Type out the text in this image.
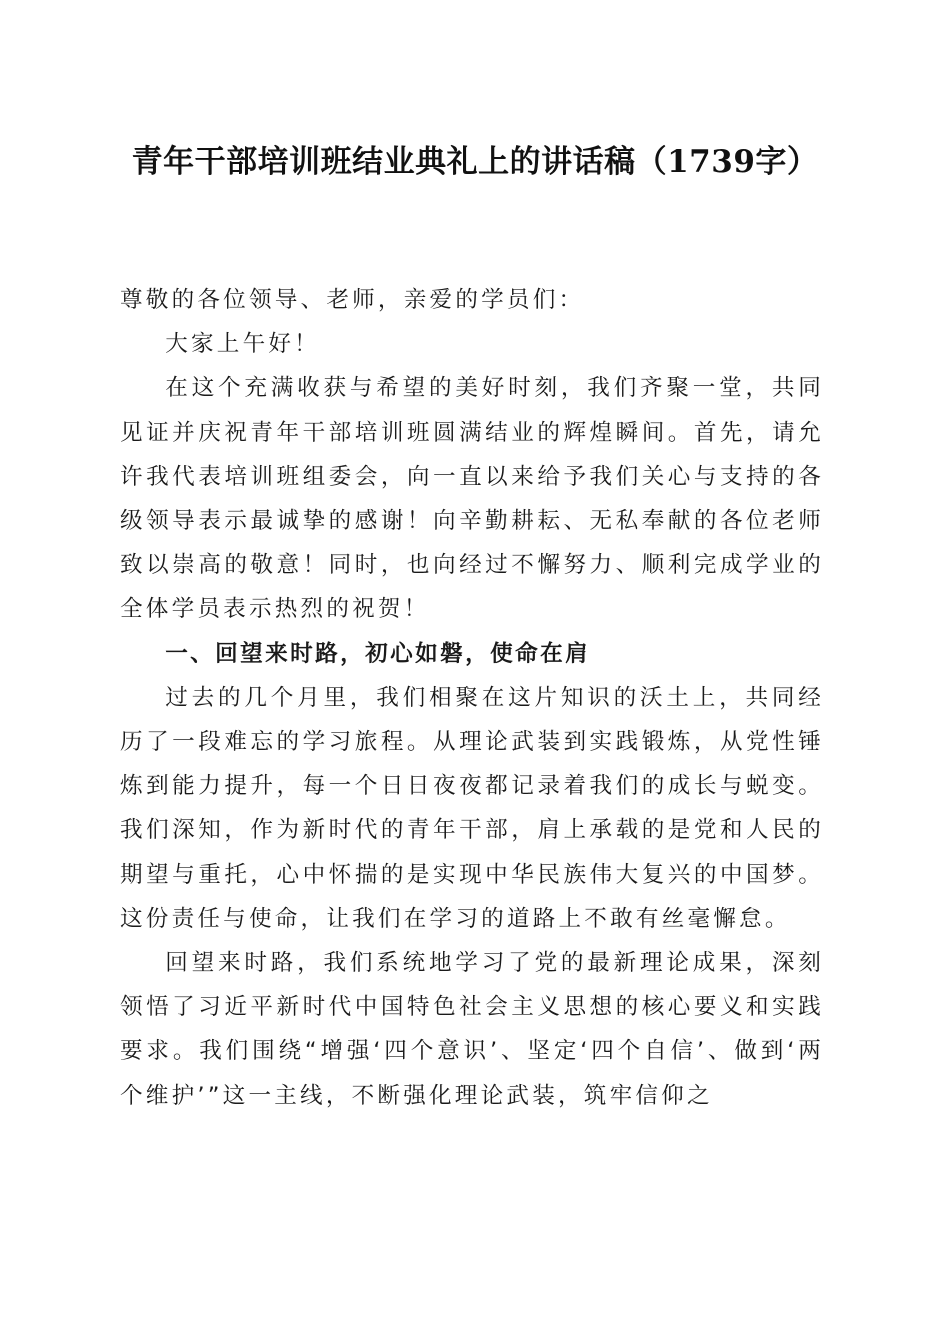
青年干部培训班结业典礼上的讲话稿（1739字）

尊敬的各位领导、老师，亲爱的学员们：

大家上午好！

在这个充满收获与希望的美好时刻，我们齐聚一堂，共同见证并庆祝青年干部培训班圆满结业的辉煌瞬间。首先，请允许我代表培训班组委会，向一直以来给予我们关心与支持的各级领导表示最诚挚的感谢！向辛勤耕耘、无私奉献的各位老师致以崇高的敬意！同时，也向经过不懈努力、顺利完成学业的全体学员表示热烈的祝贺！

一、回望来时路，初心如磐，使命在肩

过去的几个月里，我们相聚在这片知识的沃土上，共同经历了一段难忘的学习旅程。从理论武装到实践锻炼，从党性锤炼到能力提升，每一个日日夜夜都记录着我们的成长与蜕变。我们深知，作为新时代的青年干部，肩上承载的是党和人民的期望与重托，心中怀揣的是实现中华民族伟大复兴的中国梦。这份责任与使命，让我们在学习的道路上不敢有丝毫懈怠。

回望来时路，我们系统地学习了党的最新理论成果，深刻领悟了习近平新时代中国特色社会主义思想的核心要义和实践要求。我们围绕“增强‘四个意识’、坚定‘四个自信’、做到‘两个维护’”这一主线，不断强化理论武装，筑牢信仰之
